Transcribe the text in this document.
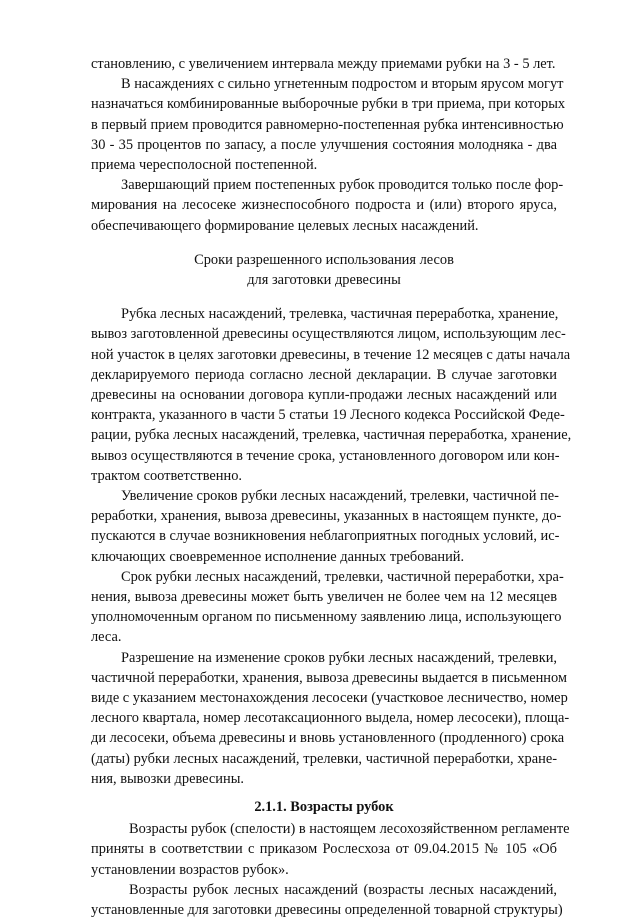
становлению, с увеличением интервала между приемами рубки на 3 - 5 лет.
В насаждениях с сильно угнетенным подростом и вторым ярусом могут
назначаться комбинированные выборочные рубки в три приема, при которых
в первый прием проводится равномерно-постепенная рубка интенсивностью
30 - 35 процентов по запасу, а после улучшения состояния молодняка - два
приема чересполосной постепенной.
Завершающий прием постепенных рубок проводится только после фор-
мирования на лесосеке жизнеспособного подроста и (или) второго яруса,
обеспечивающего формирование целевых лесных насаждений.
Сроки разрешенного использования лесов
для заготовки древесины
Рубка лесных насаждений, трелевка, частичная переработка, хранение,
вывоз заготовленной древесины осуществляются лицом, использующим лес-
ной участок в целях заготовки древесины, в течение 12 месяцев с даты начала
декларируемого периода согласно лесной декларации. В случае заготовки
древесины на основании договора купли-продажи лесных насаждений или
контракта, указанного в части 5 статьи 19 Лесного кодекса Российской Феде-
рации, рубка лесных насаждений, трелевка, частичная переработка, хранение,
вывоз осуществляются в течение срока, установленного договором или кон-
трактом соответственно.
Увеличение сроков рубки лесных насаждений, трелевки, частичной пе-
реработки, хранения, вывоза древесины, указанных в настоящем пункте, до-
пускаются в случае возникновения неблагоприятных погодных условий, ис-
ключающих своевременное исполнение данных требований.
Срок рубки лесных насаждений, трелевки, частичной переработки, хра-
нения, вывоза древесины может быть увеличен не более чем на 12 месяцев
уполномоченным органом по письменному заявлению лица, использующего
леса.
Разрешение на изменение сроков рубки лесных насаждений, трелевки,
частичной переработки, хранения, вывоза древесины выдается в письменном
виде с указанием местонахождения лесосеки (участковое лесничество, номер
лесного квартала, номер лесотаксационного выдела, номер лесосеки), площа-
ди лесосеки, объема древесины и вновь установленного (продленного) срока
(даты) рубки лесных насаждений, трелевки, частичной переработки, хране-
ния, вывозки древесины.
2.1.1. Возрасты рубок
Возрасты рубок (спелости) в настоящем лесохозяйственном регламенте
приняты в соответствии с приказом Рослесхоза от 09.04.2015 № 105 «Об
установлении возрастов рубок».
Возрасты рубок лесных насаждений (возрасты лесных насаждений,
установленные для заготовки древесины определенной товарной структуры)
